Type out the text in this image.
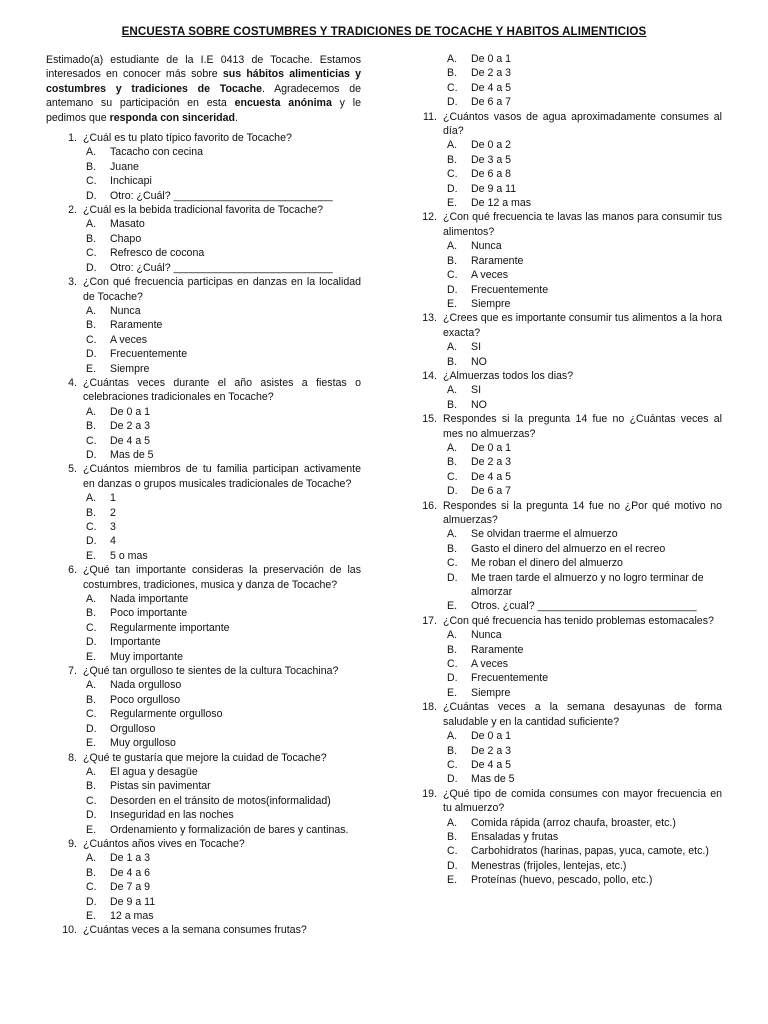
ENCUESTA SOBRE COSTUMBRES Y TRADICIONES DE TOCACHE Y HABITOS ALIMENTICIOS

Estimado(a) estudiante de la I.E 0413 de Tocache. Estamos interesados en conocer más sobre sus hábitos alimenticias y costumbres y tradiciones de Tocache. Agradecemos de antemano su participación en esta encuesta anónima y le pedimos que responda con sinceridad.

1. ¿Cuál es tu plato típico favorito de Tocache?
A.	Tacacho con cecina
B.	Juane
C.	Inchicapi
D.	Otro: ¿Cuál? ___________________________
2. ¿Cuál es la bebida tradicional favorita de Tocache?
A.	Masato
B.	Chapo
C.	Refresco de cocona
D.	Otro: ¿Cuál? ___________________________
3. ¿Con qué frecuencia participas en danzas en la localidad de Tocache?
A.	Nunca
B.	Raramente
C.	A veces
D.	Frecuentemente
E.	Siempre
4. ¿Cuántas veces durante el año asistes a fiestas o celebraciones tradicionales en Tocache?
A.	De 0 a 1
B.	De 2 a 3
C.	De 4 a 5
D.	Mas de 5
5. ¿Cuántos miembros de tu familia participan activamente en danzas o grupos musicales tradicionales de Tocache?
A.	1
B.	2
C.	3
D.	4
E.	5 o mas
6. ¿Qué tan importante consideras la preservación de las costumbres, tradiciones, musica y danza de Tocache?
A.	Nada importante
B.	Poco importante
C.	Regularmente importante
D.	Importante
E.	Muy importante
7. ¿Qué tan orgulloso te sientes de la cultura Tocachina?
A.	Nada orgulloso
B.	Poco orgulloso
C.	Regularmente orgulloso
D.	Orgulloso
E.	Muy orgulloso
8. ¿Qué te gustaría que mejore la cuidad de Tocache?
A.	El agua y desagüe
B.	Pistas sin pavimentar
C.	Desorden en el tránsito de motos(informalidad)
D.	Inseguridad en las noches
E.	Ordenamiento y formalización de bares y cantinas.
9. ¿Cuántos años vives en Tocache?
A.	De 1 a 3
B.	De 4 a 6
C.	De 7 a 9
D.	De 9 a 11
E.	12 a mas
10. ¿Cuántas veces a la semana consumes frutas?
A.	De 0 a 1
B.	De 2 a 3
C.	De 4 a 5
D.	De 6 a 7
11. ¿Cuántos vasos de agua aproximadamente consumes al día?
A.	De 0 a 2
B.	De 3 a 5
C.	De 6 a 8
D.	De 9 a 11
E.	De 12 a mas
12. ¿Con qué frecuencia te lavas las manos para consumir tus alimentos?
A.	Nunca
B.	Raramente
C.	A veces
D.	Frecuentemente
E.	Siempre
13. ¿Crees que es importante consumir tus alimentos a la hora exacta?
A.	SI
B.	NO
14. ¿Almuerzas todos los dias?
A.	SI
B.	NO
15. Respondes si la pregunta 14 fue no ¿Cuántas veces al mes no almuerzas?
A.	De 0 a 1
B.	De 2 a 3
C.	De 4 a 5
D.	De 6 a 7
16. Respondes si la pregunta 14 fue no ¿Por qué motivo no almuerzas?
A.	Se olvidan traerme el almuerzo
B.	Gasto el dinero del almuerzo en el recreo
C.	Me roban el dinero del almuerzo
D.	Me traen tarde el almuerzo y no logro terminar de almorzar
E.	Otros. ¿cual? ___________________________
17. ¿Con qué frecuencia has tenido problemas estomacales?
A.	Nunca
B.	Raramente
C.	A veces
D.	Frecuentemente
E.	Siempre
18. ¿Cuántas veces a la semana desayunas de forma saludable y en la cantidad suficiente?
A.	De 0 a 1
B.	De 2 a 3
C.	De 4 a 5
D.	Mas de 5
19. ¿Qué tipo de comida consumes con mayor frecuencia en tu almuerzo?
A.	Comida rápida (arroz chaufa, broaster, etc.)
B.	Ensaladas y frutas
C.	Carbohidratos (harinas, papas, yuca, camote, etc.)
D.	Menestras (frijoles, lentejas, etc.)
E.	Proteínas (huevo, pescado, pollo, etc.)
